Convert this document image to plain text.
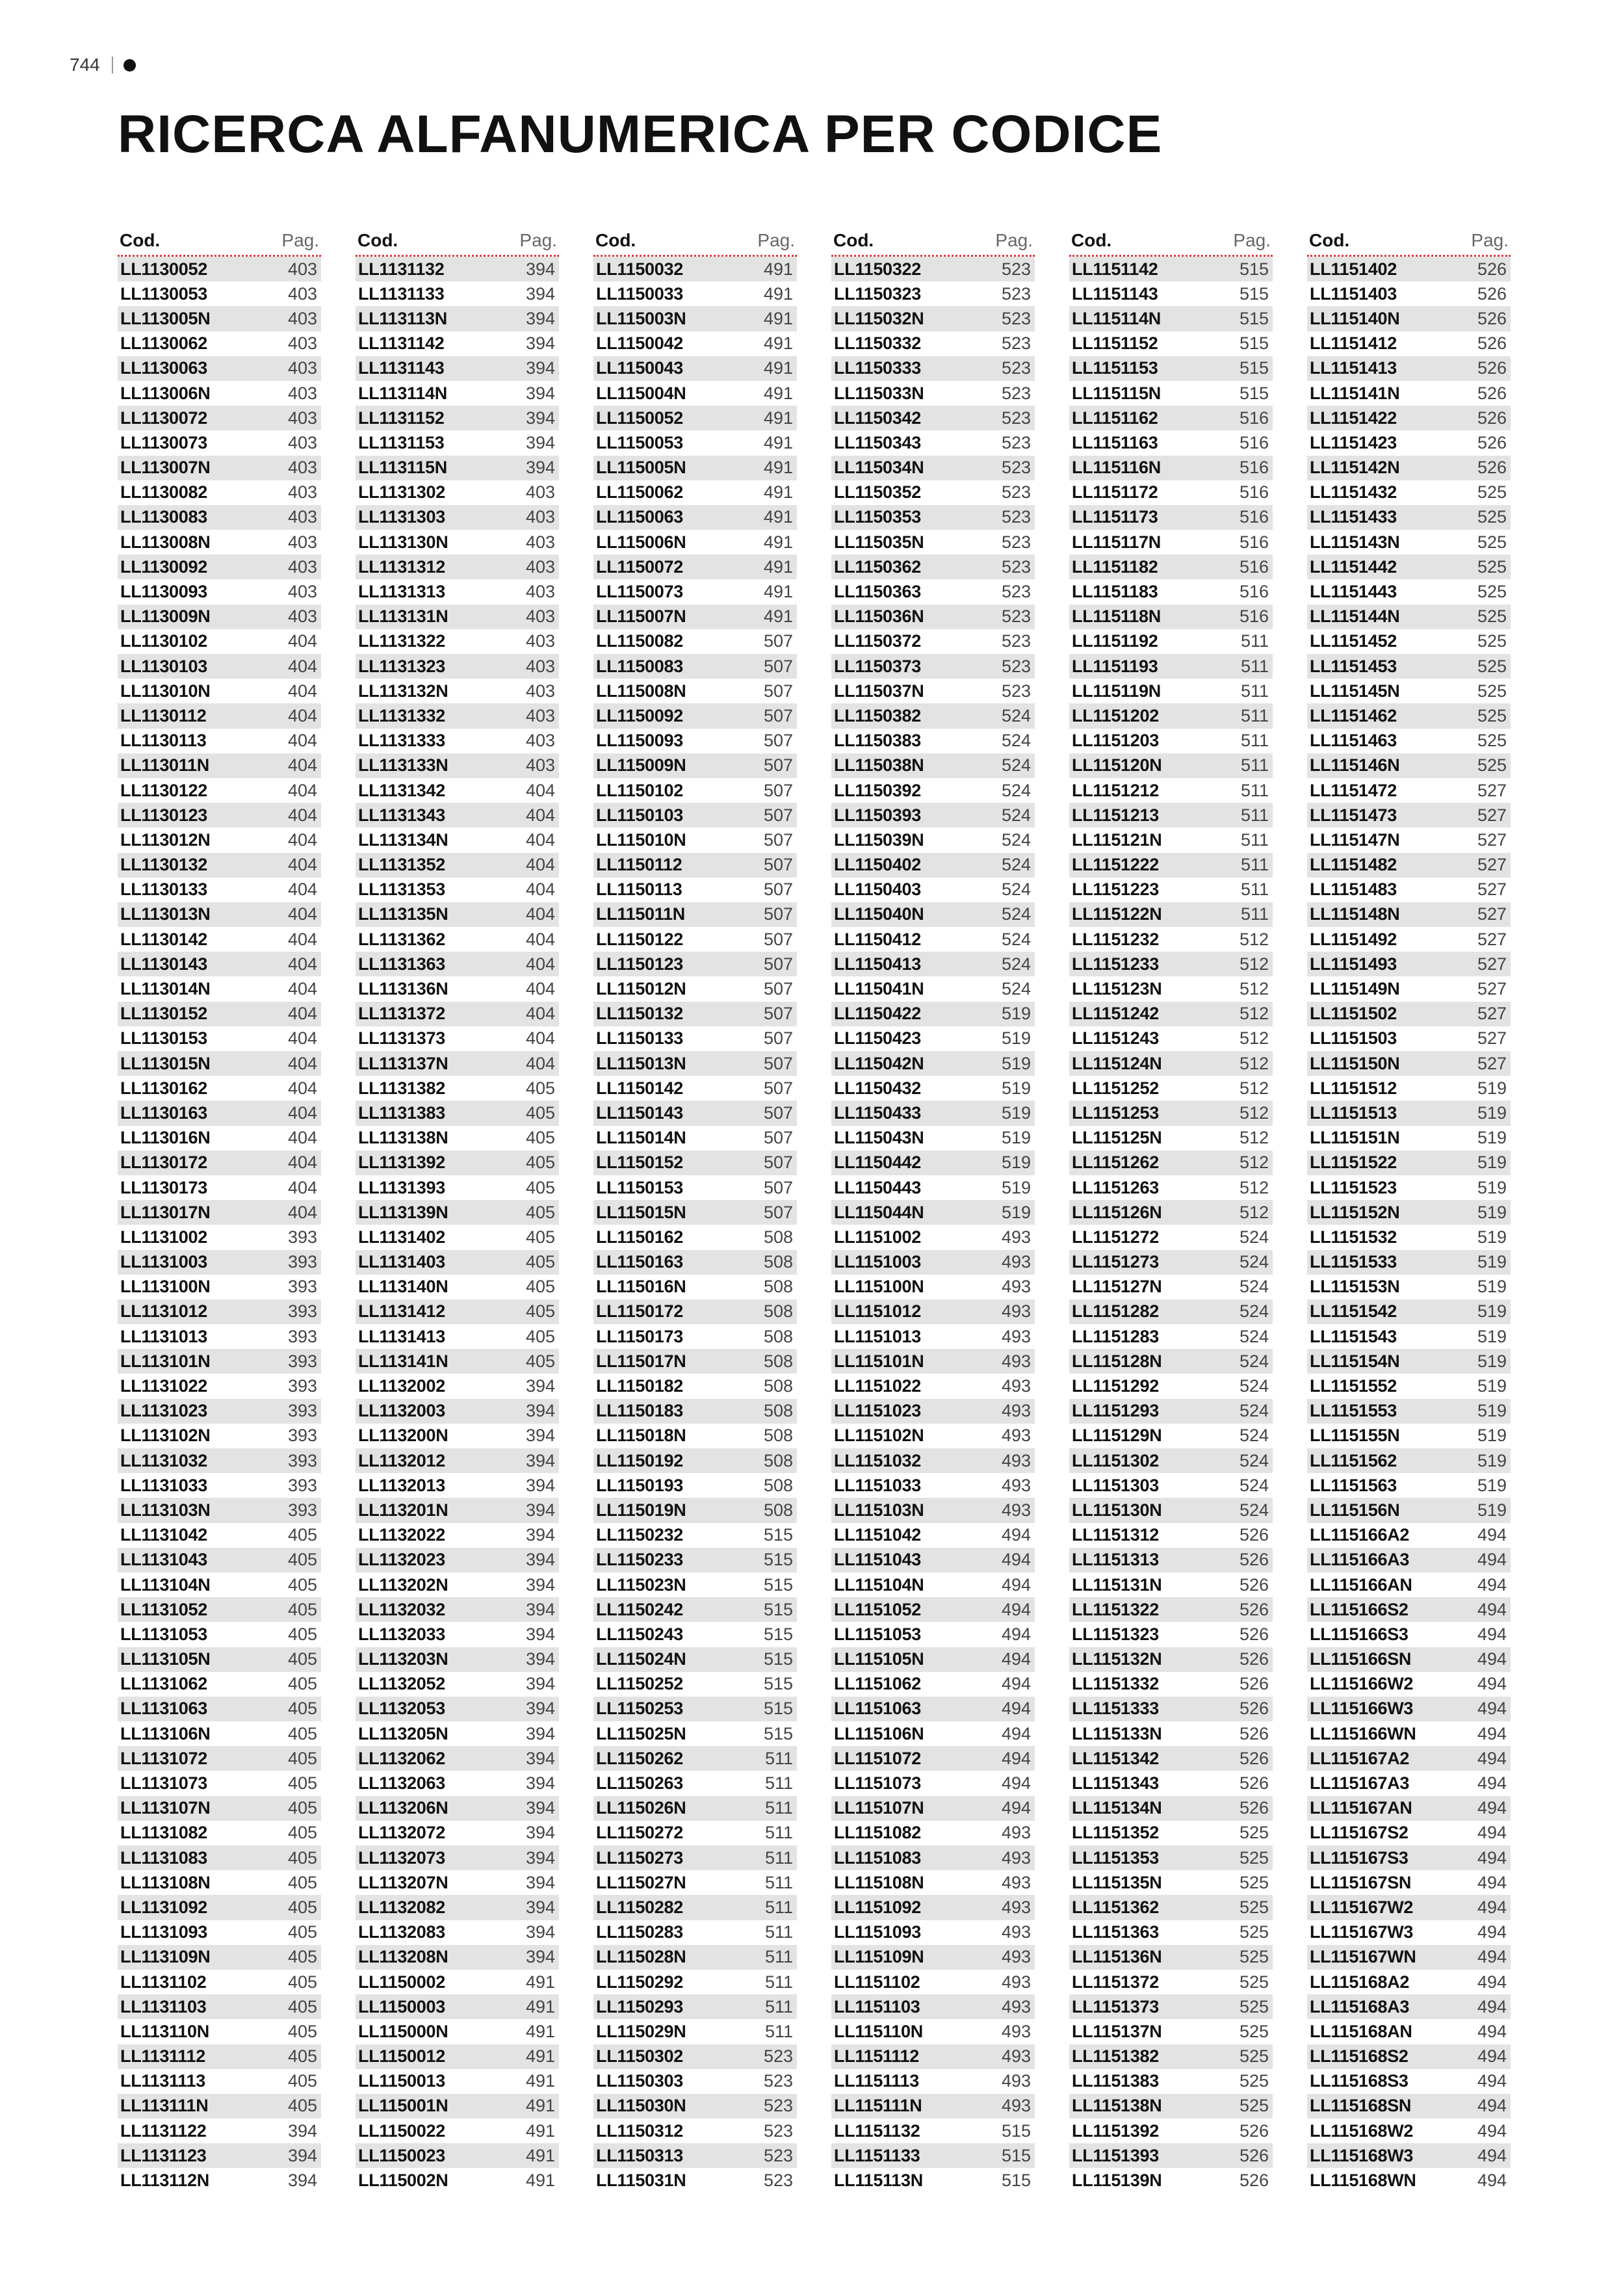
744
RICERCA ALFANUMERICA PER CODICE
Cod.	Pag.
LL1130052	403
LL1130053	403
LL113005N	403
LL1130062	403
LL1130063	403
LL113006N	403
LL1130072	403
LL1130073	403
LL113007N	403
LL1130082	403
LL1130083	403
LL113008N	403
LL1130092	403
LL1130093	403
LL113009N	403
LL1130102	404
LL1130103	404
LL113010N	404
LL1130112	404
LL1130113	404
LL113011N	404
LL1130122	404
LL1130123	404
LL113012N	404
LL1130132	404
LL1130133	404
LL113013N	404
LL1130142	404
LL1130143	404
LL113014N	404
LL1130152	404
LL1130153	404
LL113015N	404
LL1130162	404
LL1130163	404
LL113016N	404
LL1130172	404
LL1130173	404
LL113017N	404
LL1131002	393
LL1131003	393
LL113100N	393
LL1131012	393
LL1131013	393
LL113101N	393
LL1131022	393
LL1131023	393
LL113102N	393
LL1131032	393
LL1131033	393
LL113103N	393
LL1131042	405
LL1131043	405
LL113104N	405
LL1131052	405
LL1131053	405
LL113105N	405
LL1131062	405
LL1131063	405
LL113106N	405
LL1131072	405
LL1131073	405
LL113107N	405
LL1131082	405
LL1131083	405
LL113108N	405
LL1131092	405
LL1131093	405
LL113109N	405
LL1131102	405
LL1131103	405
LL113110N	405
LL1131112	405
LL1131113	405
LL113111N	405
LL1131122	394
LL1131123	394
LL113112N	394
Cod.	Pag.
LL1131132	394
LL1131133	394
LL113113N	394
LL1131142	394
LL1131143	394
LL113114N	394
LL1131152	394
LL1131153	394
LL113115N	394
LL1131302	403
LL1131303	403
LL113130N	403
LL1131312	403
LL1131313	403
LL113131N	403
LL1131322	403
LL1131323	403
LL113132N	403
LL1131332	403
LL1131333	403
LL113133N	403
LL1131342	404
LL1131343	404
LL113134N	404
LL1131352	404
LL1131353	404
LL113135N	404
LL1131362	404
LL1131363	404
LL113136N	404
LL1131372	404
LL1131373	404
LL113137N	404
LL1131382	405
LL1131383	405
LL113138N	405
LL1131392	405
LL1131393	405
LL113139N	405
LL1131402	405
LL1131403	405
LL113140N	405
LL1131412	405
LL1131413	405
LL113141N	405
LL1132002	394
LL1132003	394
LL113200N	394
LL1132012	394
LL1132013	394
LL113201N	394
LL1132022	394
LL1132023	394
LL113202N	394
LL1132032	394
LL1132033	394
LL113203N	394
LL1132052	394
LL1132053	394
LL113205N	394
LL1132062	394
LL1132063	394
LL113206N	394
LL1132072	394
LL1132073	394
LL113207N	394
LL1132082	394
LL1132083	394
LL113208N	394
LL1150002	491
LL1150003	491
LL115000N	491
LL1150012	491
LL1150013	491
LL115001N	491
LL1150022	491
LL1150023	491
LL115002N	491
Cod.	Pag.
LL1150032	491
LL1150033	491
LL115003N	491
LL1150042	491
LL1150043	491
LL115004N	491
LL1150052	491
LL1150053	491
LL115005N	491
LL1150062	491
LL1150063	491
LL115006N	491
LL1150072	491
LL1150073	491
LL115007N	491
LL1150082	507
LL1150083	507
LL115008N	507
LL1150092	507
LL1150093	507
LL115009N	507
LL1150102	507
LL1150103	507
LL115010N	507
LL1150112	507
LL1150113	507
LL115011N	507
LL1150122	507
LL1150123	507
LL115012N	507
LL1150132	507
LL1150133	507
LL115013N	507
LL1150142	507
LL1150143	507
LL115014N	507
LL1150152	507
LL1150153	507
LL115015N	507
LL1150162	508
LL1150163	508
LL115016N	508
LL1150172	508
LL1150173	508
LL115017N	508
LL1150182	508
LL1150183	508
LL115018N	508
LL1150192	508
LL1150193	508
LL115019N	508
LL1150232	515
LL1150233	515
LL115023N	515
LL1150242	515
LL1150243	515
LL115024N	515
LL1150252	515
LL1150253	515
LL115025N	515
LL1150262	511
LL1150263	511
LL115026N	511
LL1150272	511
LL1150273	511
LL115027N	511
LL1150282	511
LL1150283	511
LL115028N	511
LL1150292	511
LL1150293	511
LL115029N	511
LL1150302	523
LL1150303	523
LL115030N	523
LL1150312	523
LL1150313	523
LL115031N	523
Cod.	Pag.
LL1150322	523
LL1150323	523
LL115032N	523
LL1150332	523
LL1150333	523
LL115033N	523
LL1150342	523
LL1150343	523
LL115034N	523
LL1150352	523
LL1150353	523
LL115035N	523
LL1150362	523
LL1150363	523
LL115036N	523
LL1150372	523
LL1150373	523
LL115037N	523
LL1150382	524
LL1150383	524
LL115038N	524
LL1150392	524
LL1150393	524
LL115039N	524
LL1150402	524
LL1150403	524
LL115040N	524
LL1150412	524
LL1150413	524
LL115041N	524
LL1150422	519
LL1150423	519
LL115042N	519
LL1150432	519
LL1150433	519
LL115043N	519
LL1150442	519
LL1150443	519
LL115044N	519
LL1151002	493
LL1151003	493
LL115100N	493
LL1151012	493
LL1151013	493
LL115101N	493
LL1151022	493
LL1151023	493
LL115102N	493
LL1151032	493
LL1151033	493
LL115103N	493
LL1151042	494
LL1151043	494
LL115104N	494
LL1151052	494
LL1151053	494
LL115105N	494
LL1151062	494
LL1151063	494
LL115106N	494
LL1151072	494
LL1151073	494
LL115107N	494
LL1151082	493
LL1151083	493
LL115108N	493
LL1151092	493
LL1151093	493
LL115109N	493
LL1151102	493
LL1151103	493
LL115110N	493
LL1151112	493
LL1151113	493
LL115111N	493
LL1151132	515
LL1151133	515
LL115113N	515
Cod.	Pag.
LL1151142	515
LL1151143	515
LL115114N	515
LL1151152	515
LL1151153	515
LL115115N	515
LL1151162	516
LL1151163	516
LL115116N	516
LL1151172	516
LL1151173	516
LL115117N	516
LL1151182	516
LL1151183	516
LL115118N	516
LL1151192	511
LL1151193	511
LL115119N	511
LL1151202	511
LL1151203	511
LL115120N	511
LL1151212	511
LL1151213	511
LL115121N	511
LL1151222	511
LL1151223	511
LL115122N	511
LL1151232	512
LL1151233	512
LL115123N	512
LL1151242	512
LL1151243	512
LL115124N	512
LL1151252	512
LL1151253	512
LL115125N	512
LL1151262	512
LL1151263	512
LL115126N	512
LL1151272	524
LL1151273	524
LL115127N	524
LL1151282	524
LL1151283	524
LL115128N	524
LL1151292	524
LL1151293	524
LL115129N	524
LL1151302	524
LL1151303	524
LL115130N	524
LL1151312	526
LL1151313	526
LL115131N	526
LL1151322	526
LL1151323	526
LL115132N	526
LL1151332	526
LL1151333	526
LL115133N	526
LL1151342	526
LL1151343	526
LL115134N	526
LL1151352	525
LL1151353	525
LL115135N	525
LL1151362	525
LL1151363	525
LL115136N	525
LL1151372	525
LL1151373	525
LL115137N	525
LL1151382	525
LL1151383	525
LL115138N	525
LL1151392	526
LL1151393	526
LL115139N	526
Cod.	Pag.
LL1151402	526
LL1151403	526
LL115140N	526
LL1151412	526
LL1151413	526
LL115141N	526
LL1151422	526
LL1151423	526
LL115142N	526
LL1151432	525
LL1151433	525
LL115143N	525
LL1151442	525
LL1151443	525
LL115144N	525
LL1151452	525
LL1151453	525
LL115145N	525
LL1151462	525
LL1151463	525
LL115146N	525
LL1151472	527
LL1151473	527
LL115147N	527
LL1151482	527
LL1151483	527
LL115148N	527
LL1151492	527
LL1151493	527
LL115149N	527
LL1151502	527
LL1151503	527
LL115150N	527
LL1151512	519
LL1151513	519
LL115151N	519
LL1151522	519
LL1151523	519
LL115152N	519
LL1151532	519
LL1151533	519
LL115153N	519
LL1151542	519
LL1151543	519
LL115154N	519
LL1151552	519
LL1151553	519
LL115155N	519
LL1151562	519
LL1151563	519
LL115156N	519
LL115166A2	494
LL115166A3	494
LL115166AN	494
LL115166S2	494
LL115166S3	494
LL115166SN	494
LL115166W2	494
LL115166W3	494
LL115166WN	494
LL115167A2	494
LL115167A3	494
LL115167AN	494
LL115167S2	494
LL115167S3	494
LL115167SN	494
LL115167W2	494
LL115167W3	494
LL115167WN	494
LL115168A2	494
LL115168A3	494
LL115168AN	494
LL115168S2	494
LL115168S3	494
LL115168SN	494
LL115168W2	494
LL115168W3	494
LL115168WN	494
